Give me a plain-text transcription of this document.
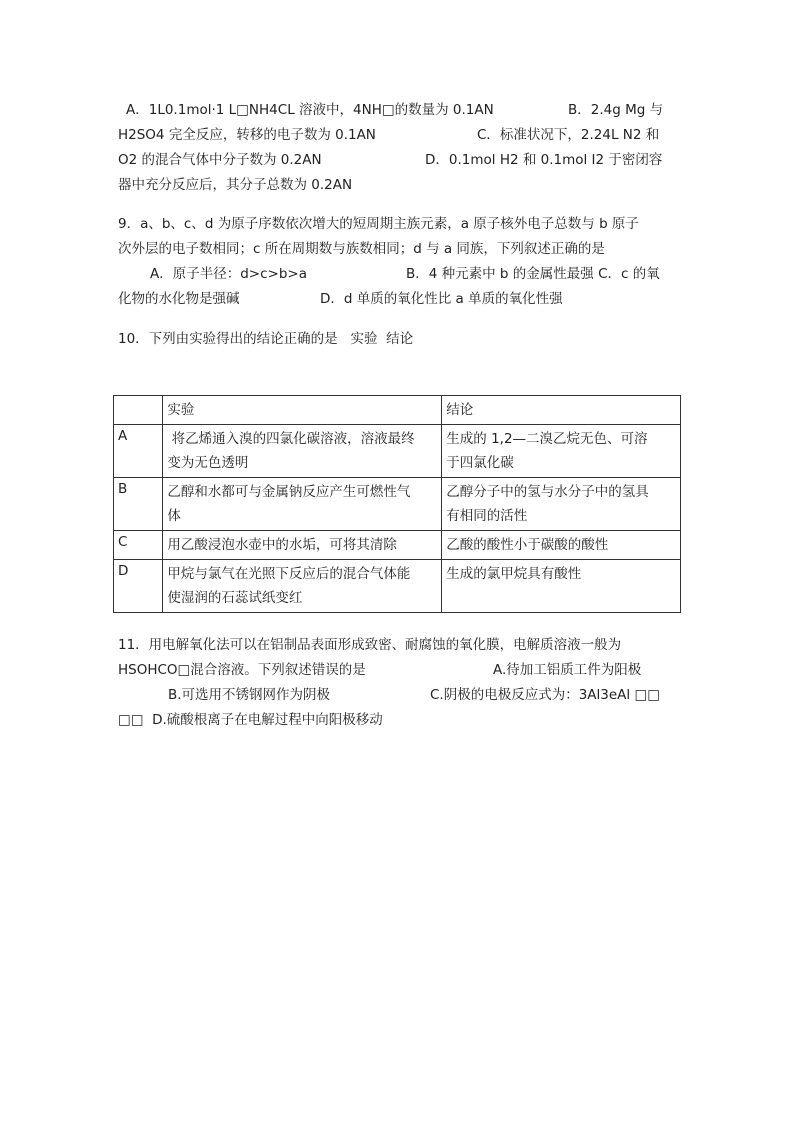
A．1L0.1mol·1 L□NH4CL 溶液中，4NH□的数量为 0.1AN	B．2.4g Mg 与
H2SO4 完全反应，转移的电子数为 0.1AN	C．标准状况下，2.24L N2 和
O2 的混合气体中分子数为 0.2AN	D．0.1mol H2 和 0.1mol I2 于密闭容
器中充分反应后，其分子总数为 0.2AN
9．a、b、c、d 为原子序数依次增大的短周期主族元素，a 原子核外电子总数与 b 原子
次外层的电子数相同；c 所在周期数与族数相同；d 与 a 同族，下列叙述正确的是
A．原子半径：d>c>b>a	B．4 种元素中 b 的金属性最强 C．c 的氧
化物的水化物是强碱	D．d 单质的氧化性比 a 单质的氧化性强
10．下列由实验得出的结论正确的是   实验  结论
	实验	结论
A	将乙烯通入溴的四氯化碳溶液，溶液最终
变为无色透明	生成的 1,2—二溴乙烷无色、可溶
于四氯化碳

B	乙醇和水都可与金属钠反应产生可燃性气
体	乙醇分子中的氢与水分子中的氢具
有相同的活性

C	用乙酸浸泡水壶中的水垢，可将其清除	乙酸的酸性小于碳酸的酸性

D	甲烷与氯气在光照下反应后的混合气体能
使湿润的石蕊试纸变红	生成的氯甲烷具有酸性
11．用电解氧化法可以在铝制品表面形成致密、耐腐蚀的氧化膜，电解质溶液一般为
HSOHCO□混合溶液。下列叙述错误的是	A.待加工铝质工件为阳极
B.可选用不锈钢网作为阴极	C.阴极的电极反应式为：3Al3eAl □□
□□  D.硫酸根离子在电解过程中向阳极移动
